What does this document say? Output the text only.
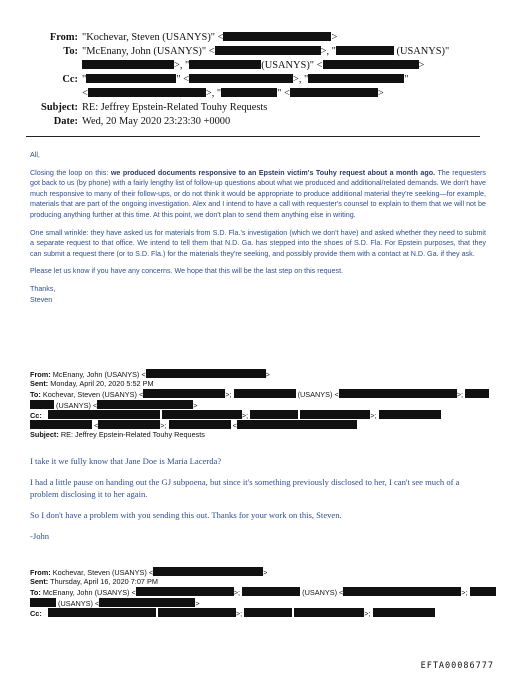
From: "Kochevar, Steven (USANYS)" <	>
To: "McEnany, John (USANYS)" <	>, "	(USANYS)"
>, "	(USANYS)" <	>
Cc: "	" <	>, "	"
<	>, "	" <	>
Subject: RE: Jeffrey Epstein-Related Touhy Requests
Date: Wed, 20 May 2020 23:23:30 +0000

All,

Closing the loop on this: we produced documents responsive to an Epstein victim's Touhy request about a month ago. The requesters got back to us (by phone) with a fairly lengthy list of follow-up questions about what we produced and additional/related demands. We don't have much responsive to many of their follow-ups, or do not think it would be appropriate to produce additional material they're seeking—for example, materials that are part of the ongoing investigation. Alex and I intend to have a call with requester's counsel to explain to them that we will not be producing anything further at this time. At this point, we don't plan to send them anything else in writing.

One small wrinkle: they have asked us for materials from S.D. Fla.'s investigation (which we don't have) and asked whether they need to submit a separate request to that office. We intend to tell them that N.D. Ga. has stepped into the shoes of S.D. Fla. For Epstein purposes, that they can submit a request there (or to S.D. Fla.) for the materials they're seeking, and possibly provide them with a contact at N.D. Ga. if they ask.

Please let us know if you have any concerns. We hope that this will be the last step on this request.

Thanks,

Steven

From: McEnany, John (USANYS) <	>
Sent: Monday, April 20, 2020 5:52 PM
To: Kochevar, Steven (USANYS) <	>;	(USANYS) <	>;
(USANYS) <	>
Cc:	>;	>;
<	>;	<
Subject: RE: Jeffrey Epstein-Related Touhy Requests

I take it we fully know that Jane Doe is Maria Lacerda?

I had a little pause on handing out the GJ subpoena, but since it's something previously disclosed to her, I can't see much of a problem disclosing it to her again.

So I don't have a problem with you sending this out. Thanks for your work on this, Steven.

-John

From: Kochevar, Steven (USANYS) <	>
Sent: Thursday, April 16, 2020 7:07 PM
To: McEnany, John (USANYS) <	>;	(USANYS) <	>;
(USANYS) <	>
Cc:	>;	>;
EFTA00086777
